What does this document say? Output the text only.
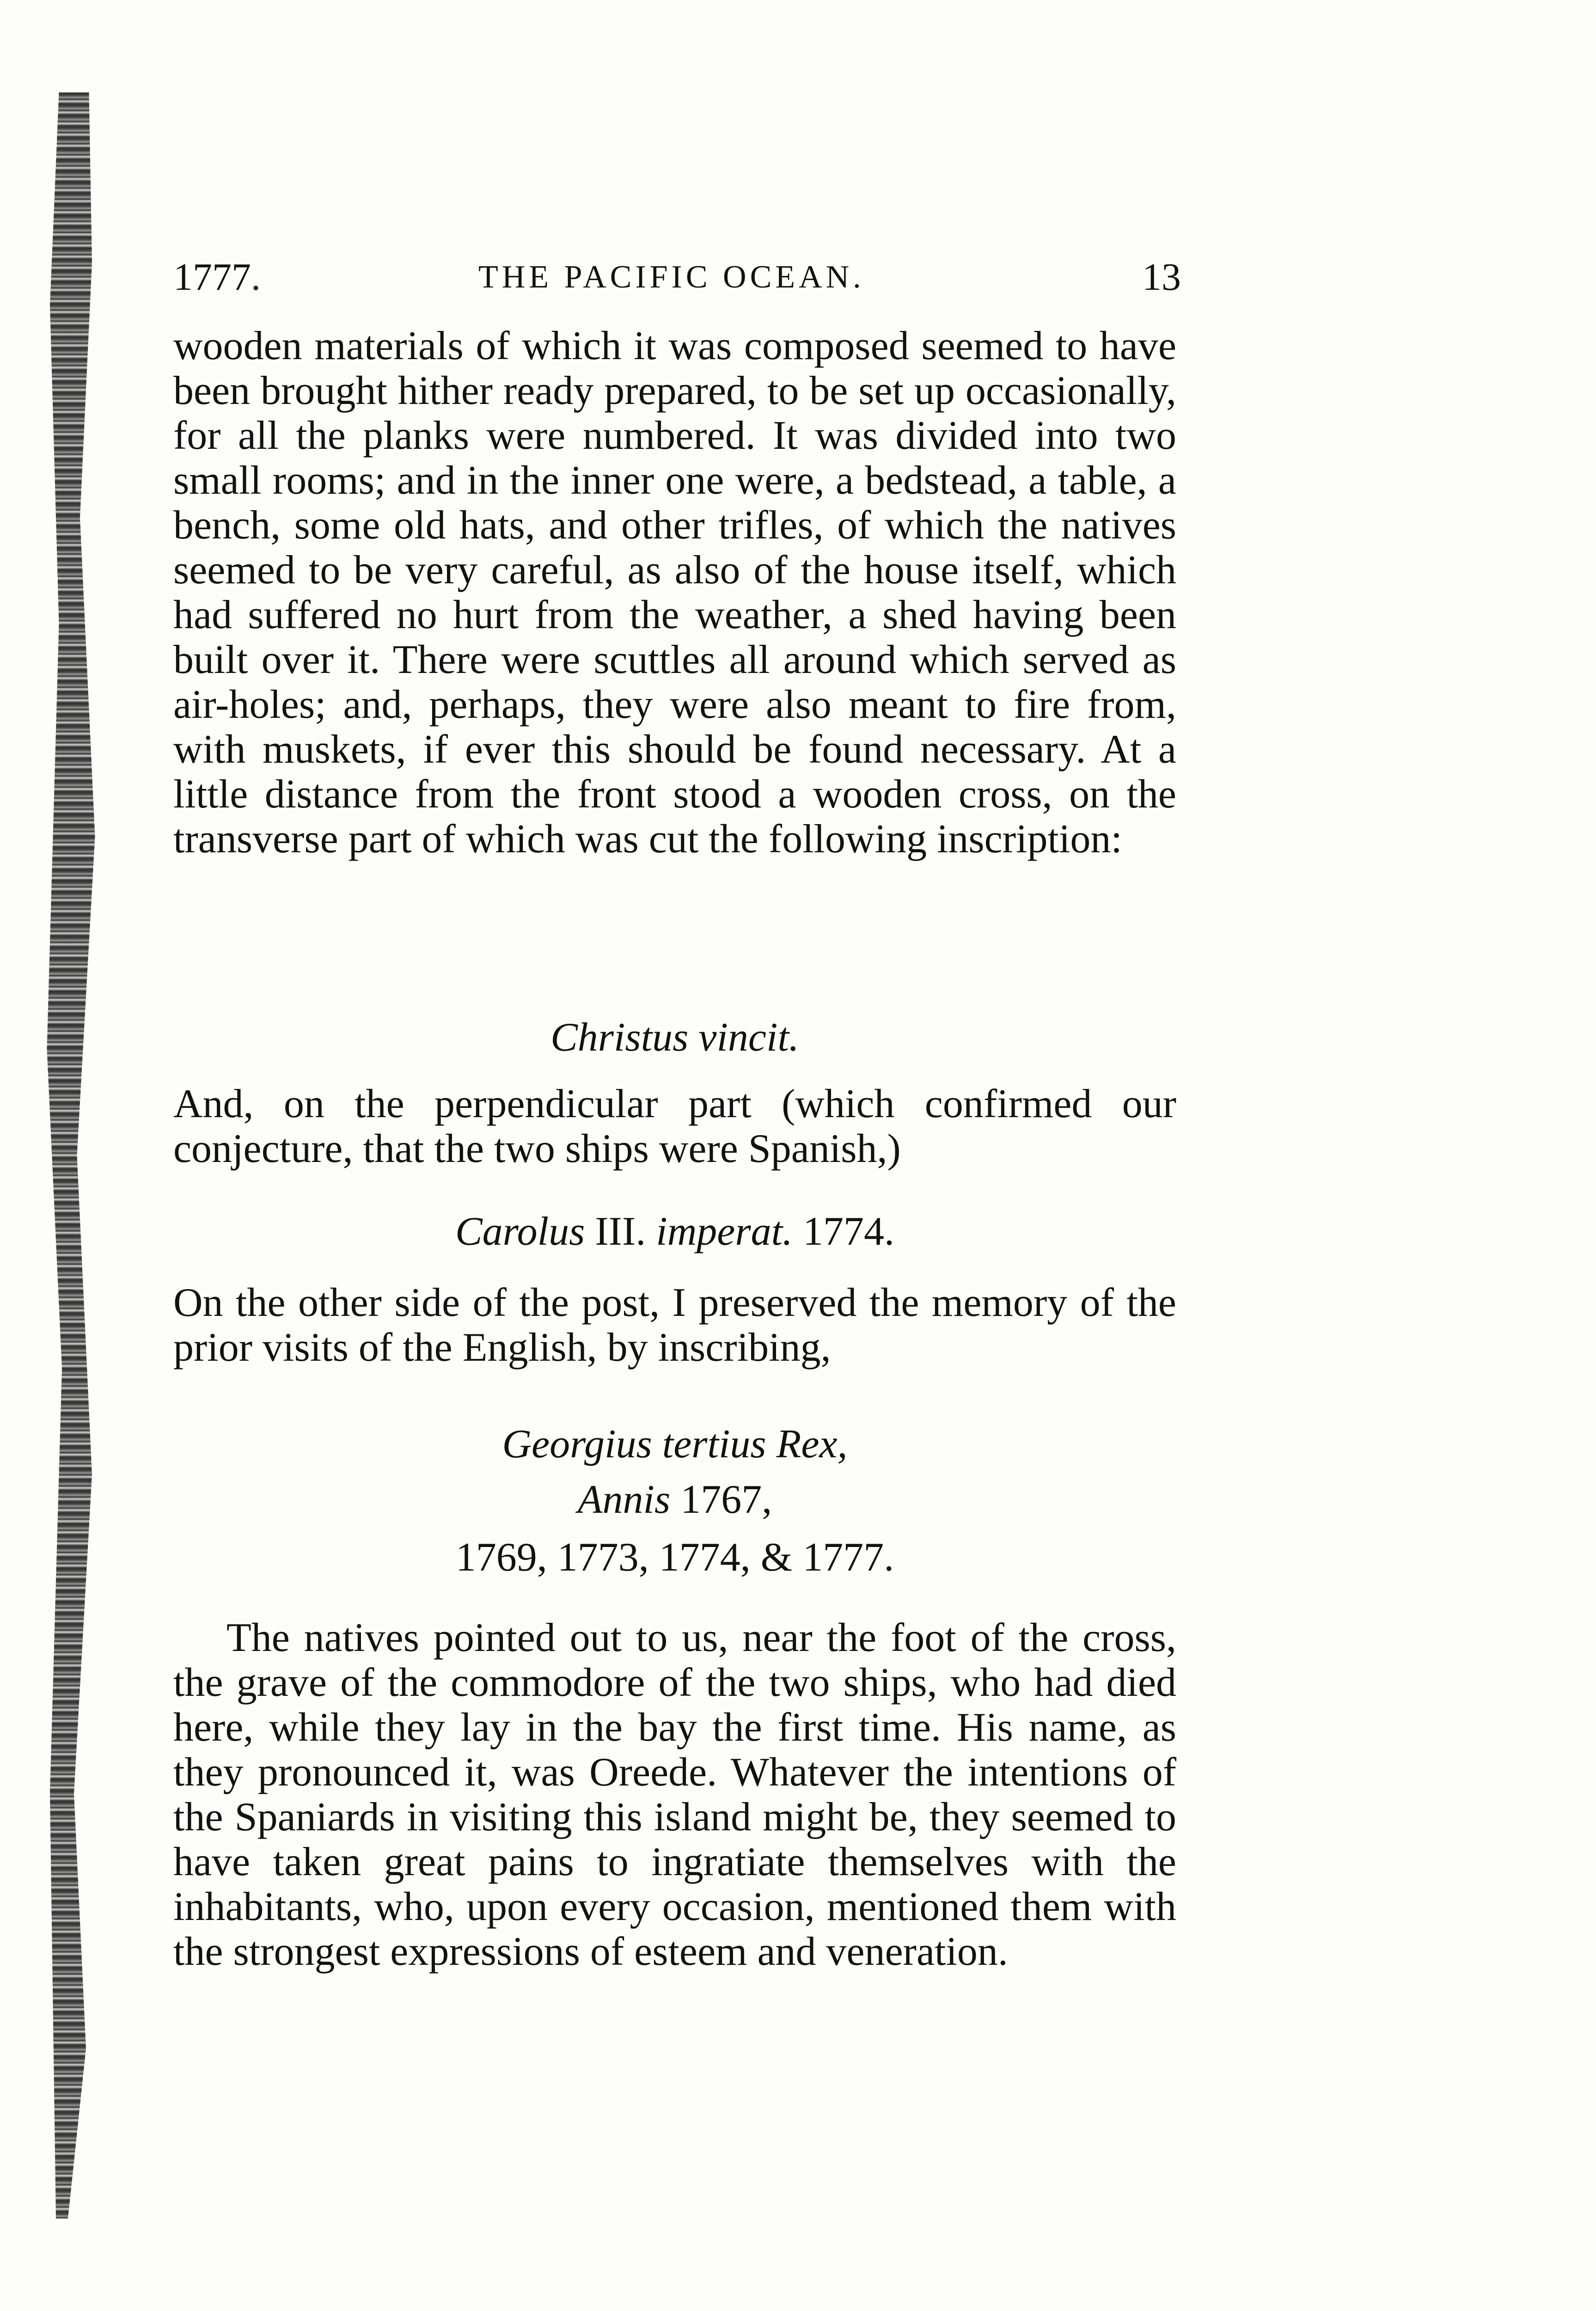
1777.	THE PACIFIC OCEAN.	13

wooden materials of which it was composed seemed to have been brought hither ready prepared, to be set up occasionally, for all the planks were numbered. It was divided into two small rooms; and in the inner one were, a bedstead, a table, a bench, some old hats, and other trifles, of which the natives seemed to be very careful, as also of the house itself, which had suffered no hurt from the weather, a shed having been built over it. There were scuttles all around which served as air-holes; and, perhaps, they were also meant to fire from, with muskets, if ever this should be found necessary. At a little distance from the front stood a wooden cross, on the transverse part of which was cut the following inscription:

Christus vincit.

And, on the perpendicular part (which confirmed our conjecture, that the two ships were Spanish,)

Carolus III. imperat. 1774.

On the other side of the post, I preserved the memory of the prior visits of the English, by inscribing,

Georgius tertius Rex,
Annis 1767,
1769, 1773, 1774, & 1777.

The natives pointed out to us, near the foot of the cross, the grave of the commodore of the two ships, who had died here, while they lay in the bay the first time. His name, as they pronounced it, was Oreede. Whatever the intentions of the Spaniards in visiting this island might be, they seemed to have taken great pains to ingratiate themselves with the inhabitants, who, upon every occasion, mentioned them with the strongest expressions of esteem and veneration.
